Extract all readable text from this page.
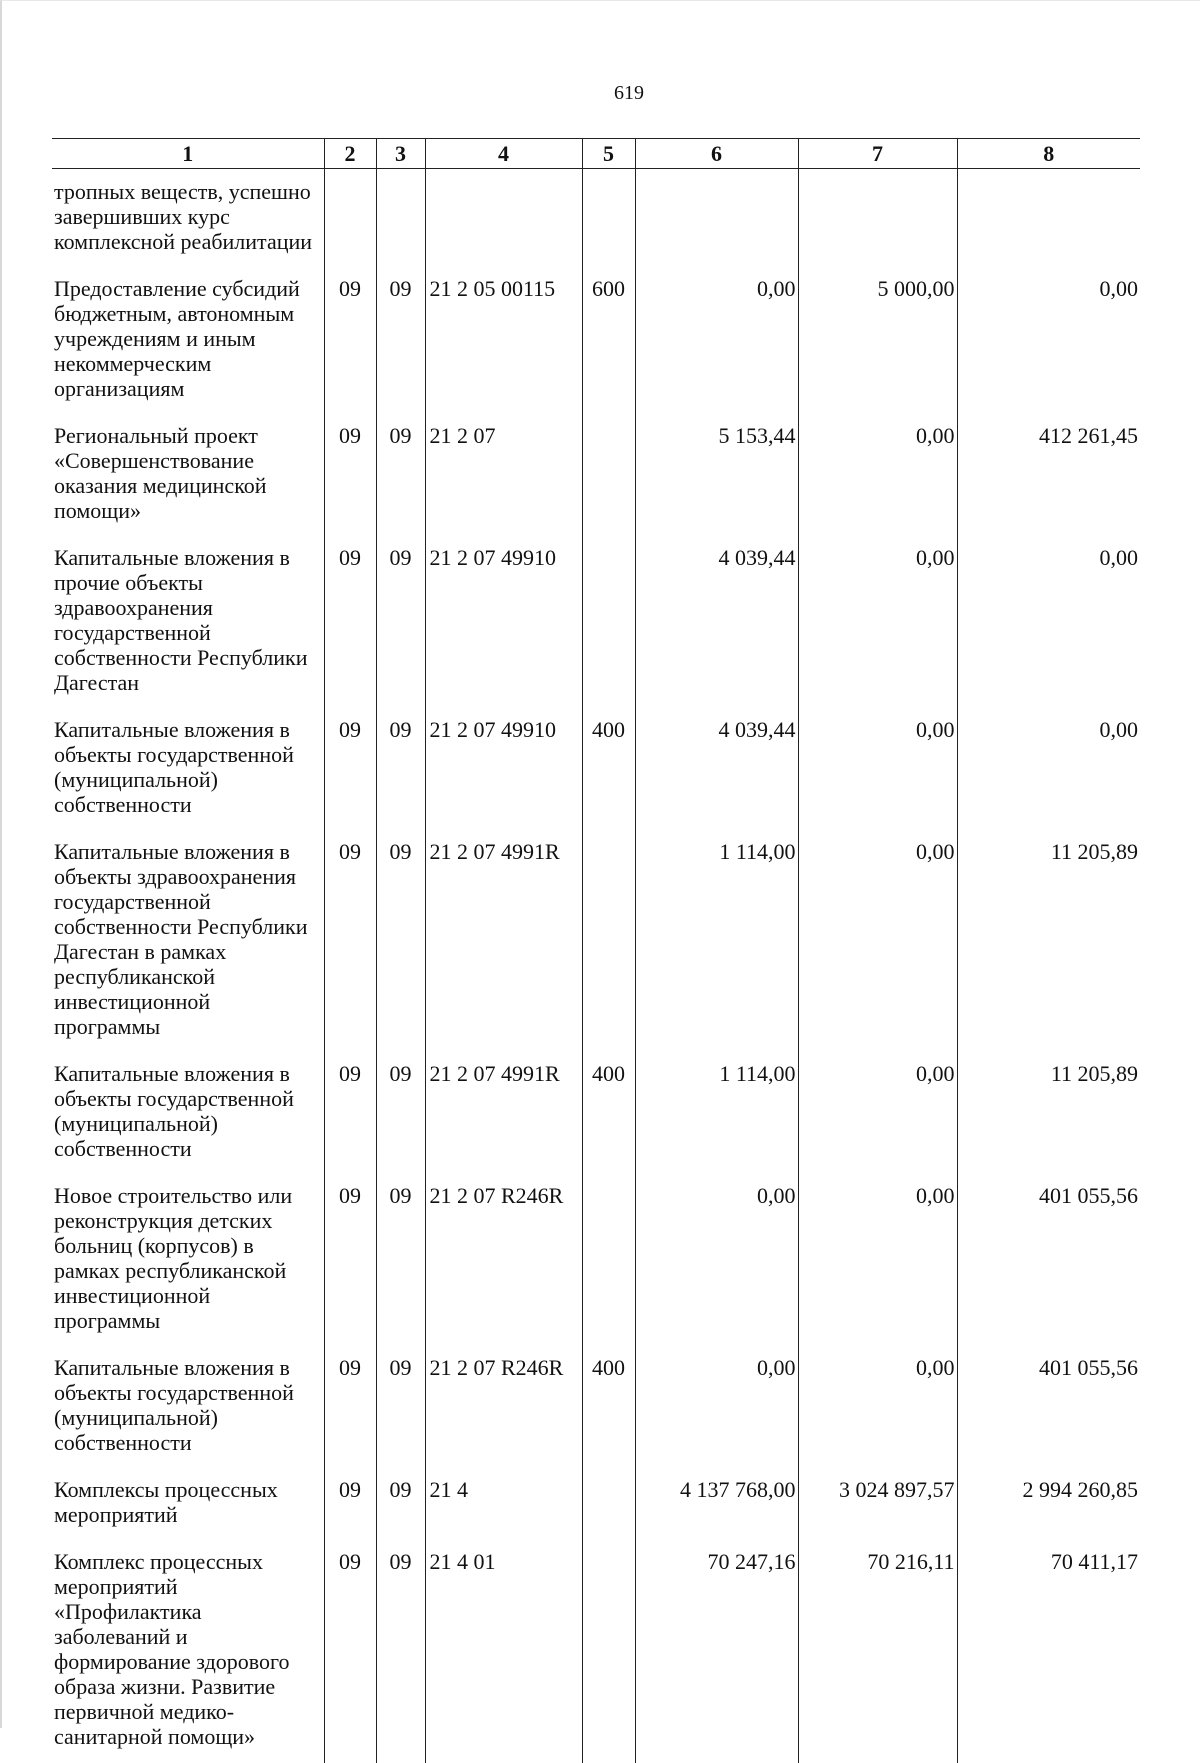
619
1	2	3	4	5	6	7	8
тропных веществ, успешно завершивших курс комплексной реабилитации							
Предоставление субсидий бюджетным, автономным учреждениям и иным некоммерческим организациям	09	09	21 2 05 00115	600	0,00	5 000,00	0,00
Региональный проект «Совершенствование оказания медицинской помощи»	09	09	21 2 07		5 153,44	0,00	412 261,45
Капитальные вложения в прочие объекты здравоохранения государственной собственности Республики Дагестан	09	09	21 2 07 49910		4 039,44	0,00	0,00
Капитальные вложения в объекты государственной (муниципальной) собственности	09	09	21 2 07 49910	400	4 039,44	0,00	0,00
Капитальные вложения в объекты здравоохранения государственной собственности Республики Дагестан в рамках республиканской инвестиционной программы	09	09	21 2 07 4991R		1 114,00	0,00	11 205,89
Капитальные вложения в объекты государственной (муниципальной) собственности	09	09	21 2 07 4991R	400	1 114,00	0,00	11 205,89
Новое строительство или реконструкция детских больниц (корпусов) в рамках республиканской инвестиционной программы	09	09	21 2 07 R246R		0,00	0,00	401 055,56
Капитальные вложения в объекты государственной (муниципальной) собственности	09	09	21 2 07 R246R	400	0,00	0,00	401 055,56
Комплексы процессных мероприятий	09	09	21 4		4 137 768,00	3 024 897,57	2 994 260,85
Комплекс процессных мероприятий «Профилактика заболеваний и формирование здорового образа жизни. Развитие первичной медико-санитарной помощи»	09	09	21 4 01		70 247,16	70 216,11	70 411,17
